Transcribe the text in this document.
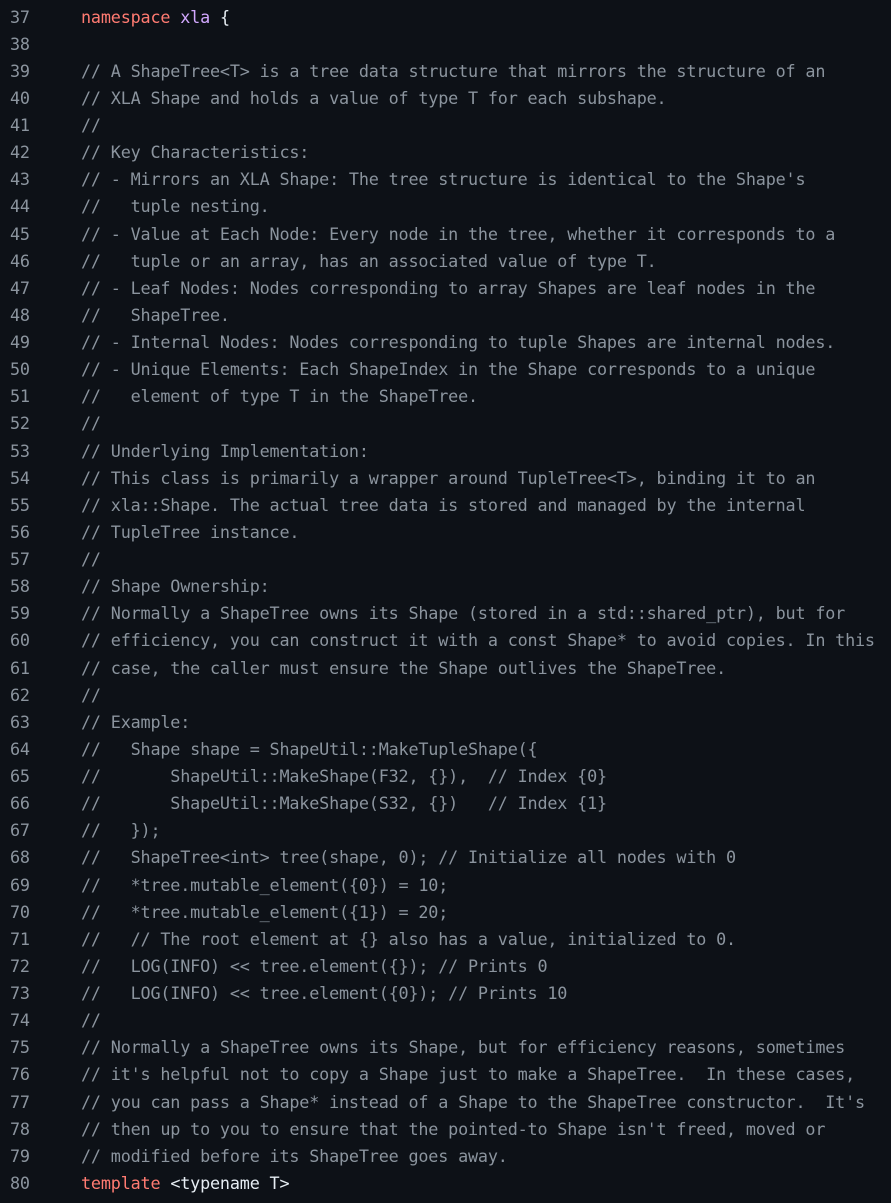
37	namespace xla {
38
39	// A ShapeTree<T> is a tree data structure that mirrors the structure of an
40	// XLA Shape and holds a value of type T for each subshape.
41	//
42	// Key Characteristics:
43	// - Mirrors an XLA Shape: The tree structure is identical to the Shape's
44	//   tuple nesting.
45	// - Value at Each Node: Every node in the tree, whether it corresponds to a
46	//   tuple or an array, has an associated value of type T.
47	// - Leaf Nodes: Nodes corresponding to array Shapes are leaf nodes in the
48	//   ShapeTree.
49	// - Internal Nodes: Nodes corresponding to tuple Shapes are internal nodes.
50	// - Unique Elements: Each ShapeIndex in the Shape corresponds to a unique
51	//   element of type T in the ShapeTree.
52	//
53	// Underlying Implementation:
54	// This class is primarily a wrapper around TupleTree<T>, binding it to an
55	// xla::Shape. The actual tree data is stored and managed by the internal
56	// TupleTree instance.
57	//
58	// Shape Ownership:
59	// Normally a ShapeTree owns its Shape (stored in a std::shared_ptr), but for
60	// efficiency, you can construct it with a const Shape* to avoid copies. In this
61	// case, the caller must ensure the Shape outlives the ShapeTree.
62	//
63	// Example:
64	//   Shape shape = ShapeUtil::MakeTupleShape({
65	//       ShapeUtil::MakeShape(F32, {}),  // Index {0}
66	//       ShapeUtil::MakeShape(S32, {})   // Index {1}
67	//   });
68	//   ShapeTree<int> tree(shape, 0); // Initialize all nodes with 0
69	//   *tree.mutable_element({0}) = 10;
70	//   *tree.mutable_element({1}) = 20;
71	//   // The root element at {} also has a value, initialized to 0.
72	//   LOG(INFO) << tree.element({}); // Prints 0
73	//   LOG(INFO) << tree.element({0}); // Prints 10
74	//
75	// Normally a ShapeTree owns its Shape, but for efficiency reasons, sometimes
76	// it's helpful not to copy a Shape just to make a ShapeTree.  In these cases,
77	// you can pass a Shape* instead of a Shape to the ShapeTree constructor.  It's
78	// then up to you to ensure that the pointed-to Shape isn't freed, moved or
79	// modified before its ShapeTree goes away.
80	template <typename T>
